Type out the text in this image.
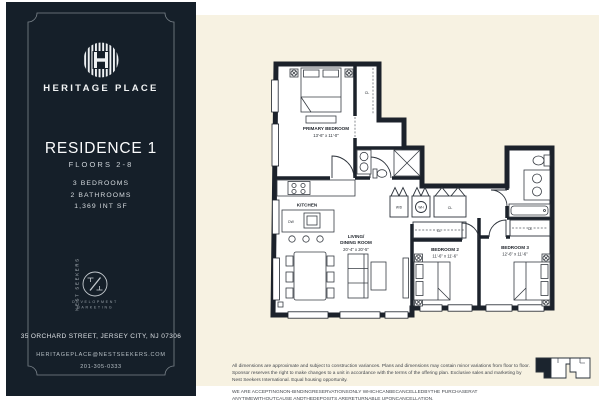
HERITAGE PLACE
RESIDENCE 1
FLOORS 2-8
3 BEDROOMS
2 BATHROOMS
1,369 INT SF
NEST SEEKERS
DEVELOPMENT
MARKETING
35 ORCHARD STREET, JERSEY CITY, NJ 07306
HERITAGEPLACE@NESTSEEKERS.COM
201-305-0333
PRIMARY BEDROOM
13'-6" x 11'-0"
KITCHEN
LIVING/
DINING ROOM
20'-4" x 20'-5"	BEDROOM 2
11'-6" x 11'-6"
BEDROOM 3
12'-6" x 11'-6"
CL
CL
CL	CL
W/D	WH
DW
All dimensions are approximate and subject to construction variances. Plans and dimensions may contain minor variations from floor to floor. Sponsor reserves the right to make changes to a unit in accordance with the terms of the offering plan. Exclusive sales and marketing by Nest Seekers International. Equal housing opportunity.
WE ARE ACCEPTINGNON-BINDINGRESERVATIONSONLY WHICHCANBECANCELLEDBYTHE PURCHASERAT ANYTIMEWITHOUTCAUSE ANDTHEDEPOSITS ARERETURNABLE UPONCANCELLATION.
